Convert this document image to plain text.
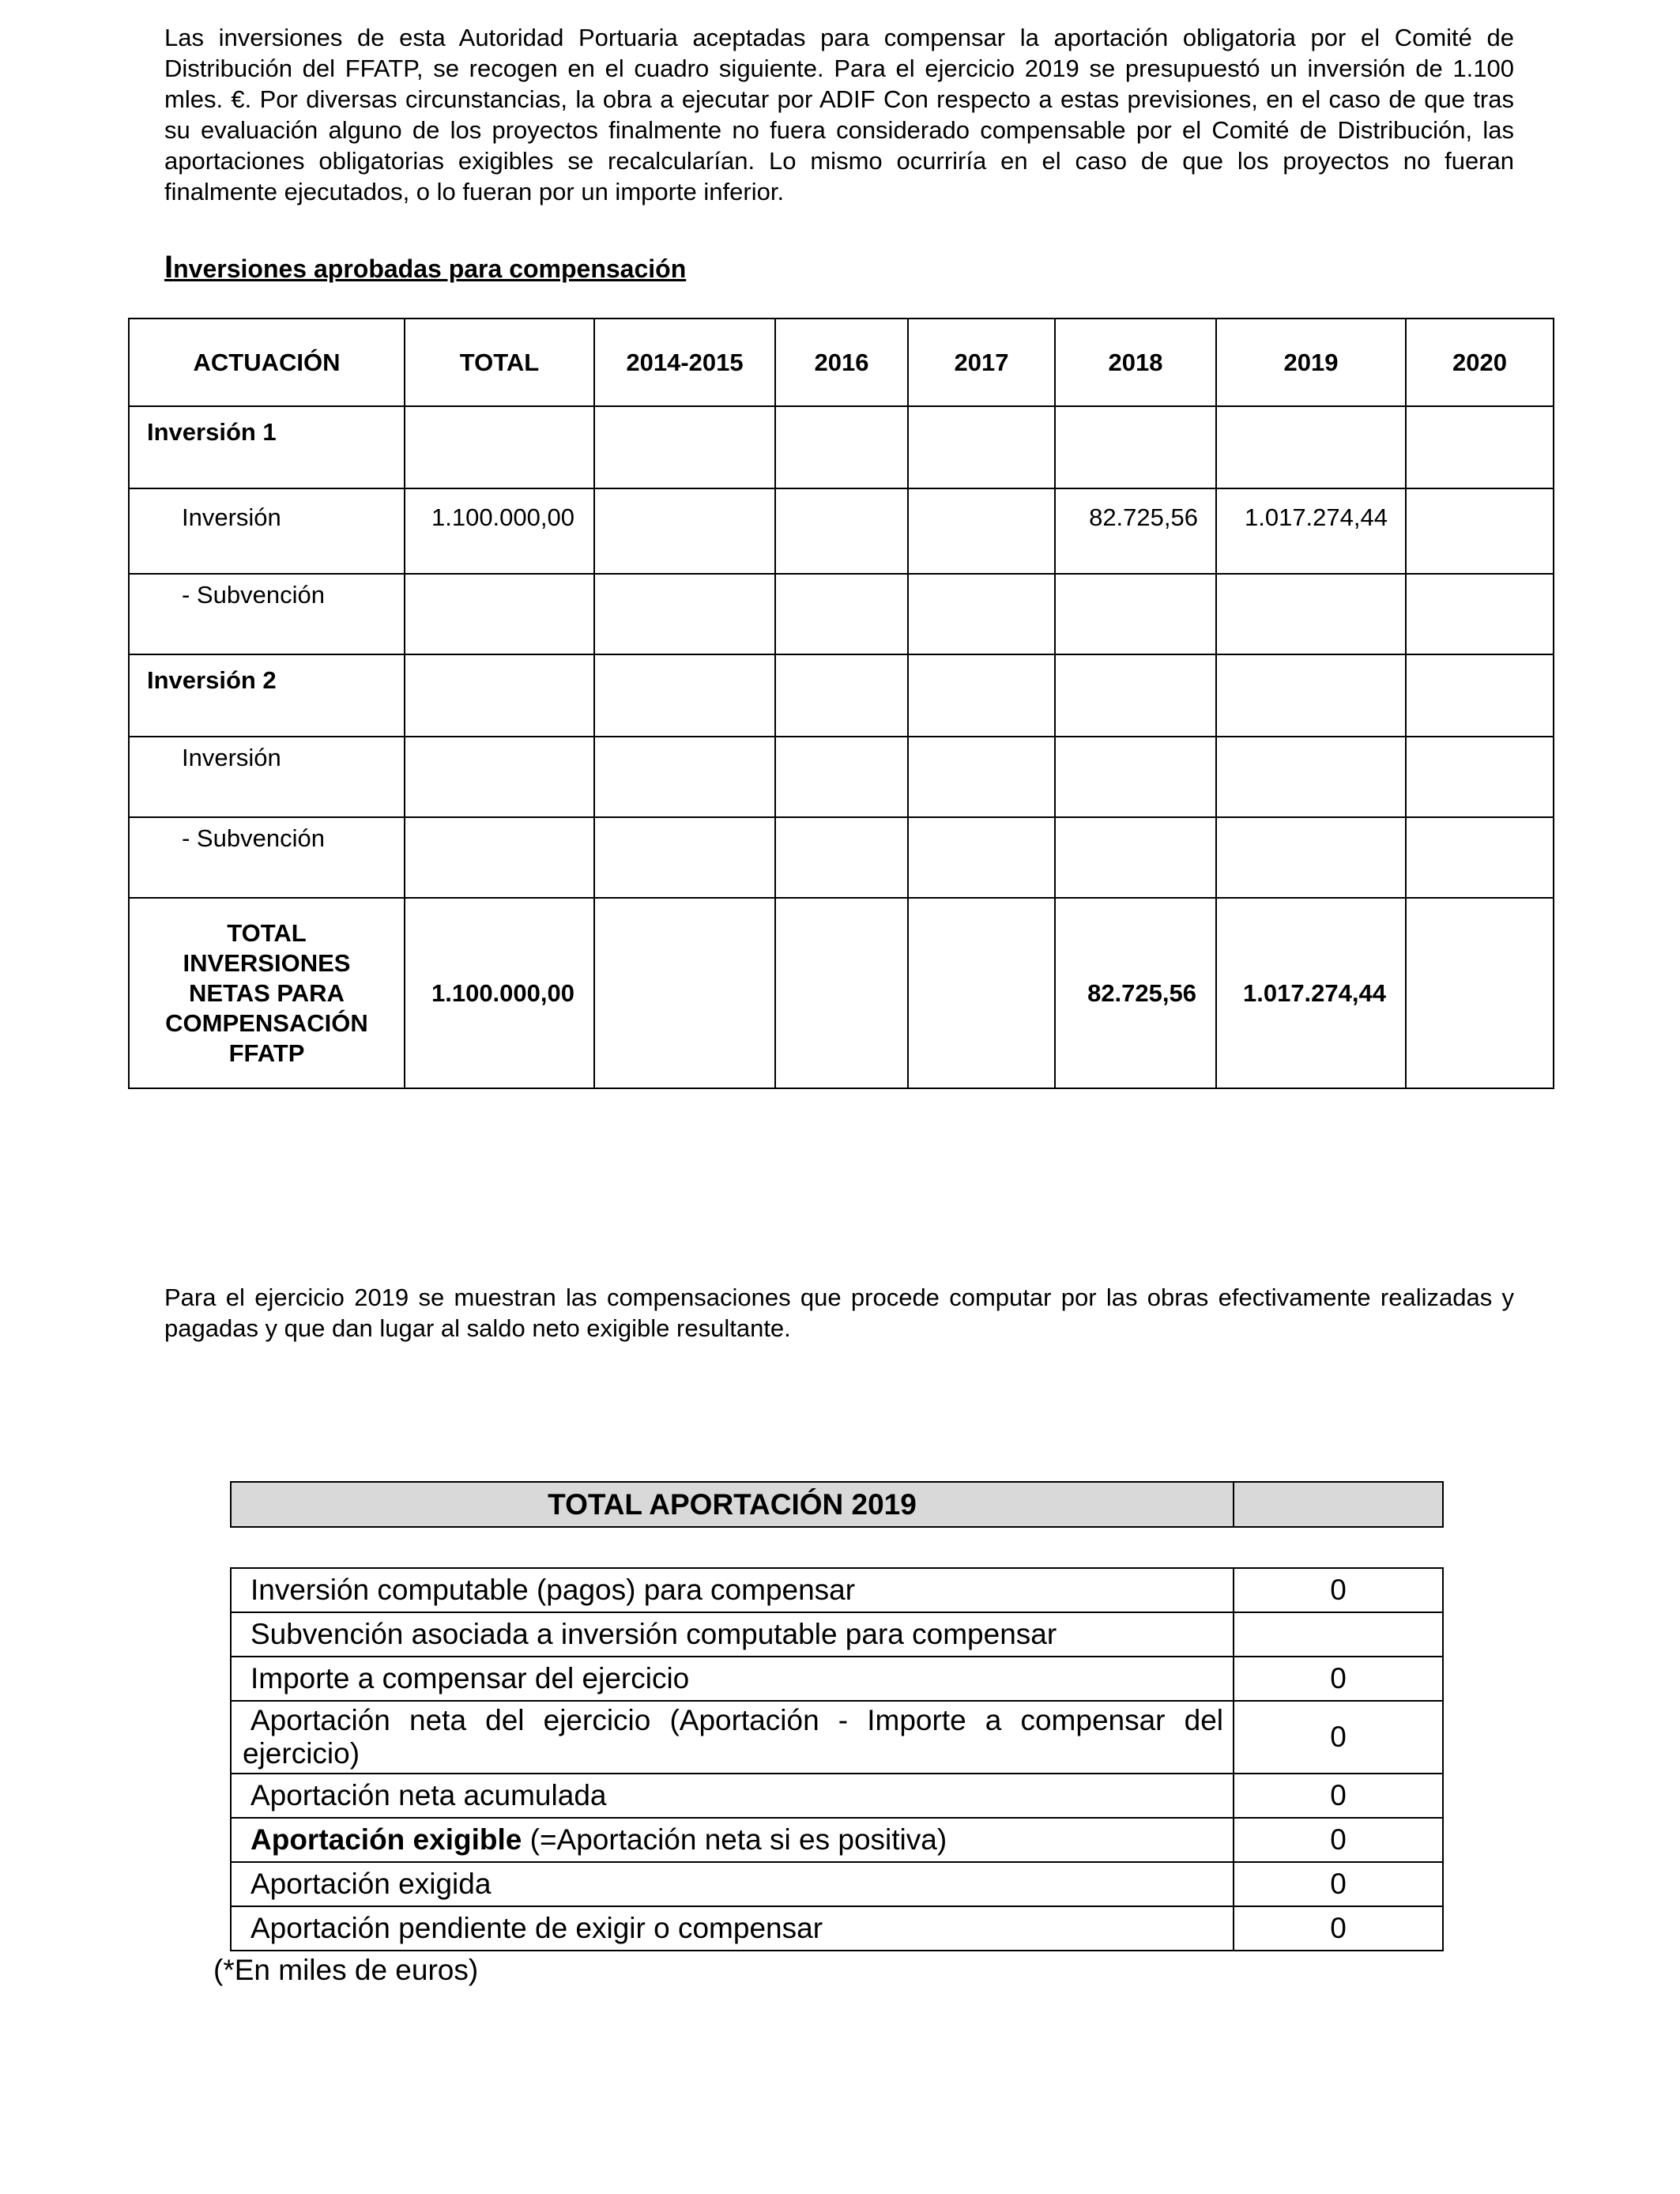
Las inversiones de esta Autoridad Portuaria aceptadas para compensar la aportación obligatoria por el Comité de Distribución del FFATP, se recogen en el cuadro siguiente. Para el ejercicio 2019 se presupuestó un inversión de 1.100 mles. €. Por diversas circunstancias, la obra a ejecutar por ADIF Con respecto a estas previsiones, en el caso de que tras su evaluación alguno de los proyectos finalmente no fuera considerado compensable por el Comité de Distribución, las aportaciones obligatorias exigibles se recalcularían. Lo mismo ocurriría en el caso de que los proyectos no fueran finalmente ejecutados, o lo fueran por un importe inferior.

Inversiones aprobadas para compensación

ACTUACIÓN	TOTAL	2014-2015	2016	2017	2018	2019	2020
Inversión 1							
Inversión	1.100.000,00				82.725,56	1.017.274,44	
- Subvención							
Inversión 2							
Inversión							
- Subvención							

TOTAL
INVERSIONES
NETAS PARA
COMPENSACIÓN
FFATP	1.100.000,00				82.725,56	1.017.274,44	

Para el ejercicio 2019 se muestran las compensaciones que procede computar por las obras efectivamente realizadas y pagadas y que dan lugar al saldo neto exigible resultante.

TOTAL APORTACIÓN 2019	
Inversión computable (pagos) para compensar	0
Subvención asociada a inversión computable para compensar	
Importe a compensar del ejercicio	0

Aportación neta del ejercicio (Aportación - Importe a compensar del
ejercicio)	0
Aportación neta acumulada	0
Aportación exigible (=Aportación neta si es positiva)	0
Aportación exigida	0
Aportación pendiente de exigir o compensar	0

(*En miles de euros)
